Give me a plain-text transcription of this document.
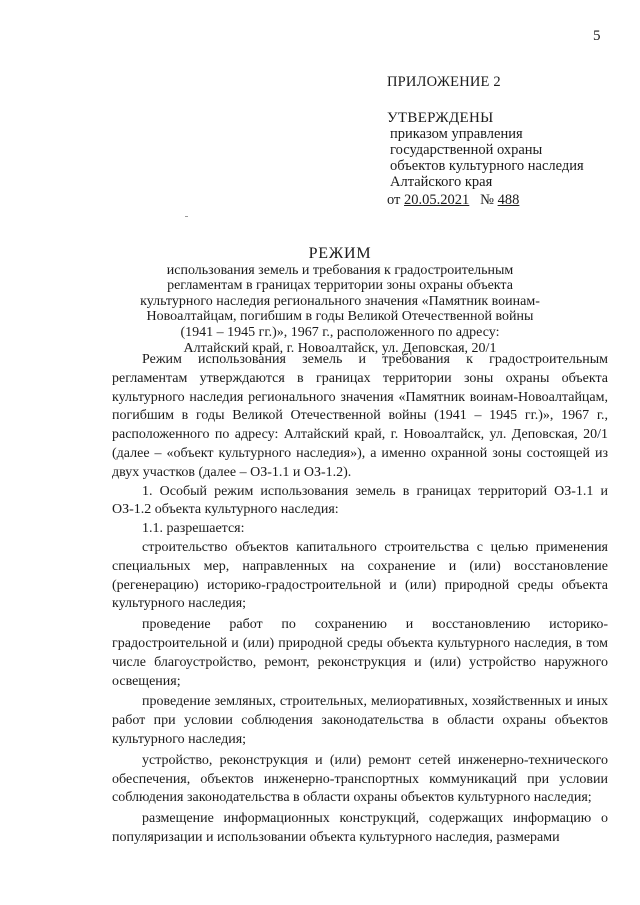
5
ПРИЛОЖЕНИЕ 2
УТВЕРЖДЕНЫ
приказом управления
государственной охраны
объектов культурного наследия
Алтайского края
от 20.05.2021 № 488
РЕЖИМ
использования земель и требования к градостроительным
регламентам в границах территории зоны охраны объекта
культурного наследия регионального значения «Памятник воинам-
Новоалтайцам, погибшим в годы Великой Отечественной войны
(1941 – 1945 гг.)», 1967 г., расположенного по адресу:
Алтайский край, г. Новоалтайск, ул. Деповская, 20/1

Режим использования земель и требования к градостроительным регламентам утверждаются в границах территории зоны охраны объекта культурного наследия регионального значения «Памятник воинам-Новоалтайцам, погибшим в годы Великой Отечественной войны (1941 – 1945 гг.)», 1967 г., расположенного по адресу: Алтайский край, г. Новоалтайск, ул. Деповская, 20/1 (далее – «объект культурного наследия»), а именно охранной зоны состоящей из двух участков (далее – ОЗ-1.1 и ОЗ-1.2).

1. Особый режим использования земель в границах территорий ОЗ-1.1 и ОЗ-1.2 объекта культурного наследия:

1.1. разрешается:

строительство объектов капитального строительства с целью применения специальных мер, направленных на сохранение и (или) восстановление (регенерацию) историко-градостроительной и (или) природной среды объекта культурного наследия;

проведение работ по сохранению и восстановлению историко-градостроительной и (или) природной среды объекта культурного наследия, в том числе благоустройство, ремонт, реконструкция и (или) устройство наружного освещения;

проведение земляных, строительных, мелиоративных, хозяйственных и иных работ при условии соблюдения законодательства в области охраны объектов культурного наследия;

устройство, реконструкция и (или) ремонт сетей инженерно-технического обеспечения, объектов инженерно-транспортных коммуникаций при условии соблюдения законодательства в области охраны объектов культурного наследия;

размещение информационных конструкций, содержащих информацию о популяризации и использовании объекта культурного наследия, размерами
